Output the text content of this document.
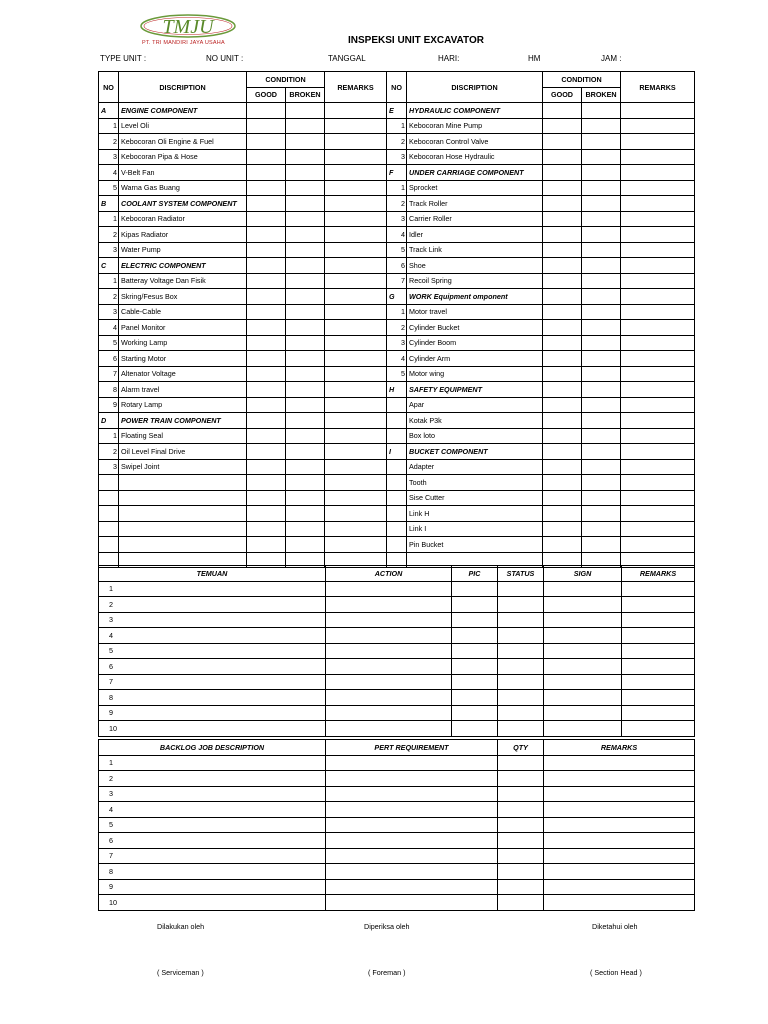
TMJU
PT. TRI MANDIRI JAYA USAHA	INSPEKSI UNIT EXCAVATOR
TYPE UNIT :	NO UNIT :	TANGGAL	HARI:	HM	JAM :
NO	DISCRIPTION	CONDITION		REMARKS	NO	DISCRIPTION	CONDITION		REMARKS
		GOOD	BROKEN				GOOD	BROKEN	
A	ENGINE COMPONENT				E	HYDRAULIC COMPONENT			
1	Level Oli				1	Kebocoran Mine Pump			
2	Kebocoran Oli Engine & Fuel				2	Kebocoran Control Valve			
3	Kebocoran Pipa & Hose				3	Kebocoran Hose Hydraulic			
4	V-Belt Fan				F	UNDER CARRIAGE COMPONENT			
5	Warna Gas Buang				1	Sprocket			
B	COOLANT SYSTEM COMPONENT				2	Track Roller			
1	Kebocoran Radiator				3	Carrier Roller			
2	Kipas Radiator				4	Idler			
3	Water Pump				5	Track Link			
C	ELECTRIC COMPONENT				6	Shoe			
1	Batteray Voltage Dan Fisik				7	Recoil Spring			
2	Skring/Fesus Box				G	WORK Equipment omponent			
3	Cable-Cable				1	Motor travel			
4	Panel Monitor				2	Cylinder Bucket			
5	Working Lamp				3	Cylinder Boom			
6	Starting Motor				4	Cylinder Arm			
7	Altenator Voltage				5	Motor wing			
8	Alarm travel				H	SAFETY EQUIPMENT			
9	Rotary Lamp					Apar			
D	POWER TRAIN COMPONENT					Kotak P3k			
1	Floating Seal					Box loto			
2	Oil Level Final Drive				I	BUCKET COMPONENT			
3	Swipel Joint					Adapter			
						Tooth			
						Sise Cutter			
						Link H			
						Link I			
						Pin Bucket			

TEMUAN	ACTION	PIC	STATUS	SIGN	REMARKS
1					
2					
3					
4					
5					
6					
7					
8					
9					
10					
BACKLOG JOB DESCRIPTION	PERT REQUIREMENT	QTY	REMARKS
1			
2			
3			
4			
5			
6			
7			
8			
9			
10			
Dilakukan oleh	Diperiksa oleh	Diketahui oleh
( Serviceman )	( Foreman )	( Section Head )
